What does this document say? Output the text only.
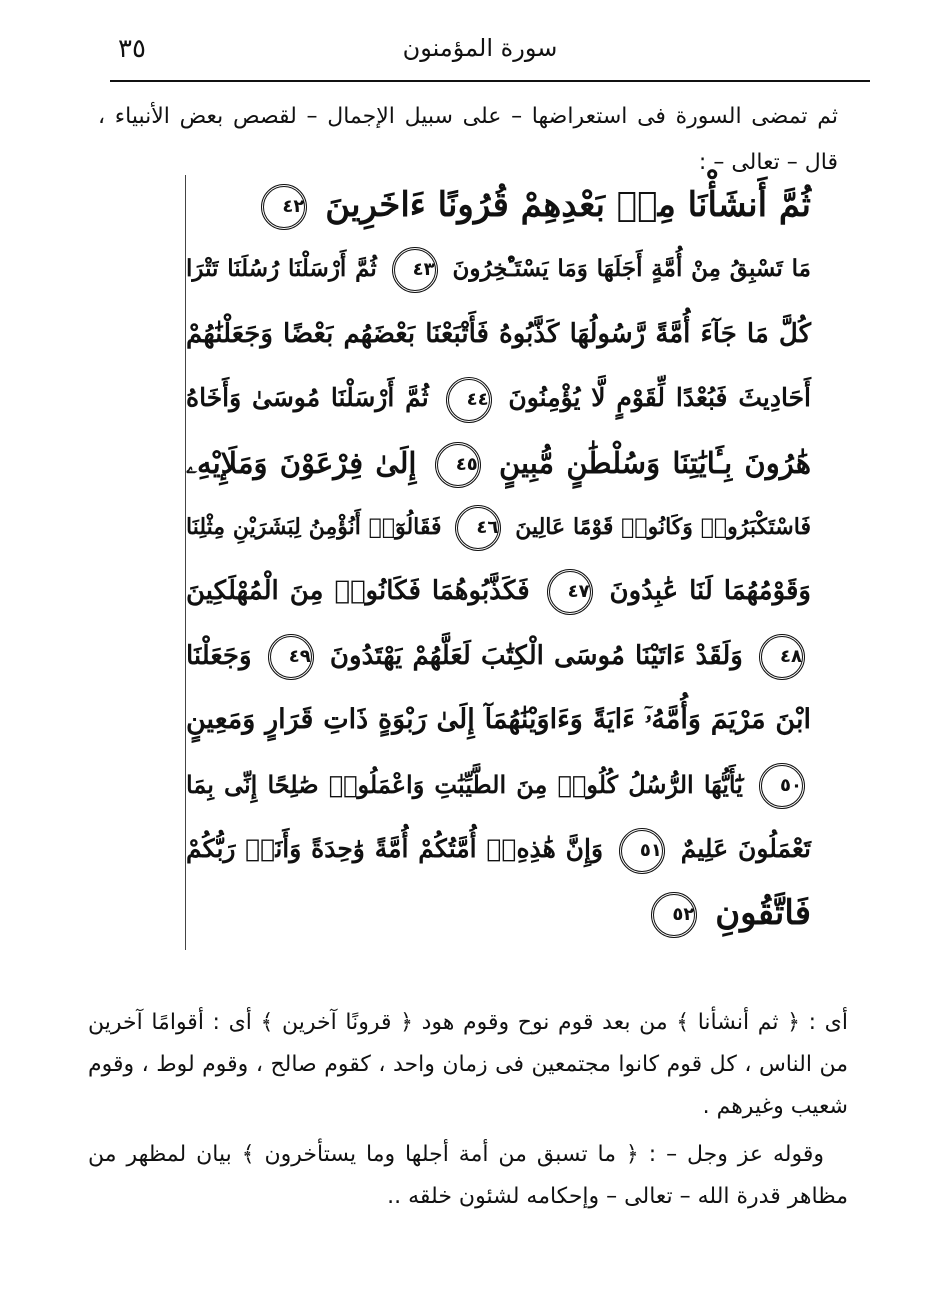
٣٥	سورة المؤمنون
ثم تمضى السورة فى استعراضها – على سبيل الإجمال – لقصص بعض الأنبياء ، قال – تعالى – :
ثُمَّ أَنشَأْنَا مِنۢ بَعْدِهِمْ قُرُونًا ءَاخَرِينَ ٤٢
مَا تَسْبِقُ مِنْ أُمَّةٍ أَجَلَهَا وَمَا يَسْتَـْٔخِرُونَ ٤٣ ثُمَّ أَرْسَلْنَا رُسُلَنَا تَتْرَا
كُلَّ مَا جَآءَ أُمَّةً رَّسُولُهَا كَذَّبُوهُ فَأَتْبَعْنَا بَعْضَهُم بَعْضًا وَجَعَلْنَٰهُمْ
أَحَادِيثَ فَبُعْدًا لِّقَوْمٍ لَّا يُؤْمِنُونَ ٤٤ ثُمَّ أَرْسَلْنَا مُوسَىٰ وَأَخَاهُ
هَٰرُونَ بِـَٔايَٰتِنَا وَسُلْطَٰنٍ مُّبِينٍ ٤٥ إِلَىٰ فِرْعَوْنَ وَمَلَإِيْهِۦ
فَاسْتَكْبَرُوا۟ وَكَانُوا۟ قَوْمًا عَالِينَ ٤٦ فَقَالُوٓا۟ أَنُؤْمِنُ لِبَشَرَيْنِ مِثْلِنَا
وَقَوْمُهُمَا لَنَا عَٰبِدُونَ ٤٧ فَكَذَّبُوهُمَا فَكَانُوا۟ مِنَ الْمُهْلَكِينَ
٤٨ وَلَقَدْ ءَاتَيْنَا مُوسَى الْكِتَٰبَ لَعَلَّهُمْ يَهْتَدُونَ ٤٩ وَجَعَلْنَا
ابْنَ مَرْيَمَ وَأُمَّهُۥٓ ءَايَةً وَءَاوَيْنَٰهُمَآ إِلَىٰ رَبْوَةٍ ذَاتِ قَرَارٍ وَمَعِينٍ
٥٠ يَٰٓأَيُّهَا الرُّسُلُ كُلُوا۟ مِنَ الطَّيِّبَٰتِ وَاعْمَلُوا۟ صَٰلِحًا إِنِّى بِمَا
تَعْمَلُونَ عَلِيمٌ ٥١ وَإِنَّ هَٰذِهِۦٓ أُمَّتُكُمْ أُمَّةً وَٰحِدَةً وَأَنَا۠ رَبُّكُمْ
فَاتَّقُونِ ٥٢

أى : ﴿ ثم أنشأنا ﴾ من بعد قوم نوح وقوم هود ﴿ قرونًا آخرين ﴾ أى : أقوامًا آخرين من الناس ، كل قوم كانوا مجتمعين فى زمان واحد ، كقوم صالح ، وقوم لوط ، وقوم شعيب وغيرهم .

وقوله عز وجل – : ﴿ ما تسبق من أمة أجلها وما يستأخرون ﴾ بيان لمظهر من مظاهر قدرة الله – تعالى – وإحكامه لشئون خلقه ..
